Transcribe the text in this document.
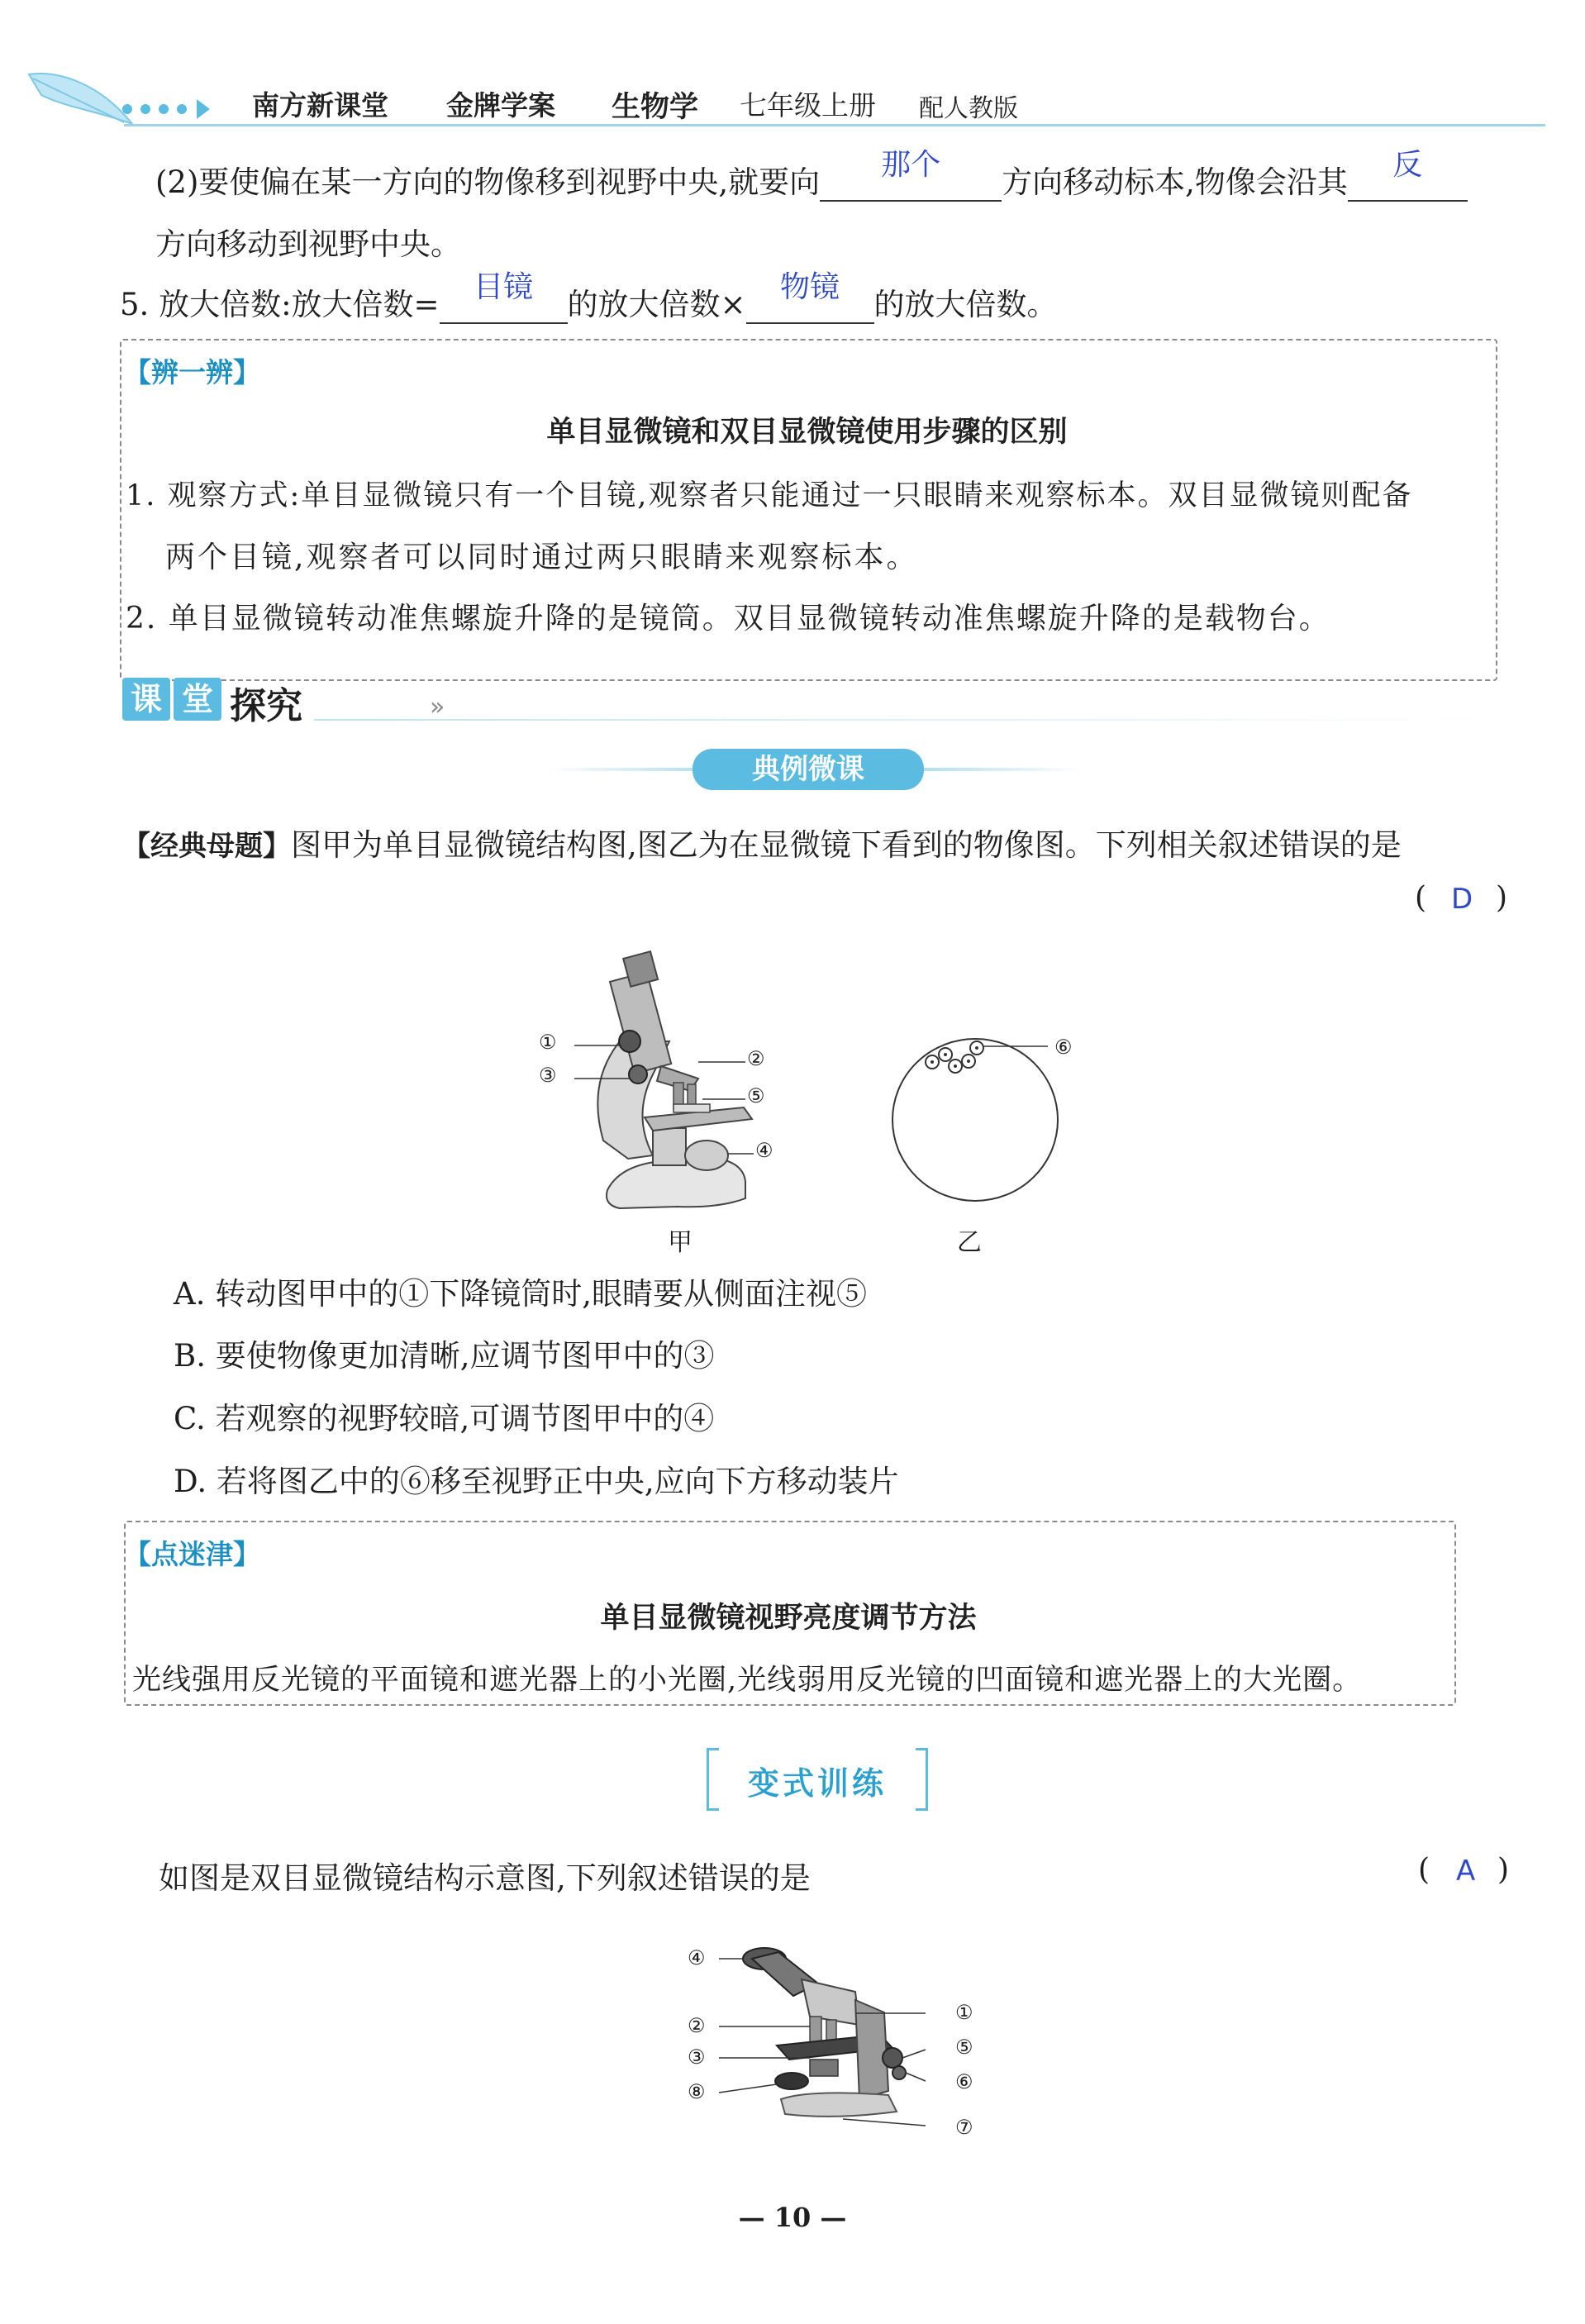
南方新课堂 金牌学案 生物学 七年级上册 配人教版
(2)要使偏在某一方向的物像移到视野中央,就要向	那个	方向移动标本,物像会沿其	反

方向移动到视野中央。
5. 放大倍数:放大倍数=	目镜	的放大倍数×	物镜	的放大倍数。
【辨一辨】
单目显微镜和双目显微镜使用步骤的区别
1. 观察方式:单目显微镜只有一个目镜,观察者只能通过一只眼睛来观察标本。双目显微镜则配备
两个目镜,观察者可以同时通过两只眼睛来观察标本。
2. 单目显微镜转动准焦螺旋升降的是镜筒。双目显微镜转动准焦螺旋升降的是载物台。
课 堂 探究	»
典例微课
【经典母题】图甲为单目显微镜结构图,图乙为在显微镜下看到的物像图。下列相关叙述错误的是
( D )
①
③
②
⑤
④
甲
⑥
乙
A. 转动图甲中的①下降镜筒时,眼睛要从侧面注视⑤
B. 要使物像更加清晰,应调节图甲中的③
C. 若观察的视野较暗,可调节图甲中的④
D. 若将图乙中的⑥移至视野正中央,应向下方移动装片
【点迷津】
单目显微镜视野亮度调节方法
光线强用反光镜的平面镜和遮光器上的小光圈,光线弱用反光镜的凹面镜和遮光器上的大光圈。
变式训练
如图是双目显微镜结构示意图,下列叙述错误的是	( A )
④
①
②
⑤
③
⑥
⑧
⑦
— 10 —
